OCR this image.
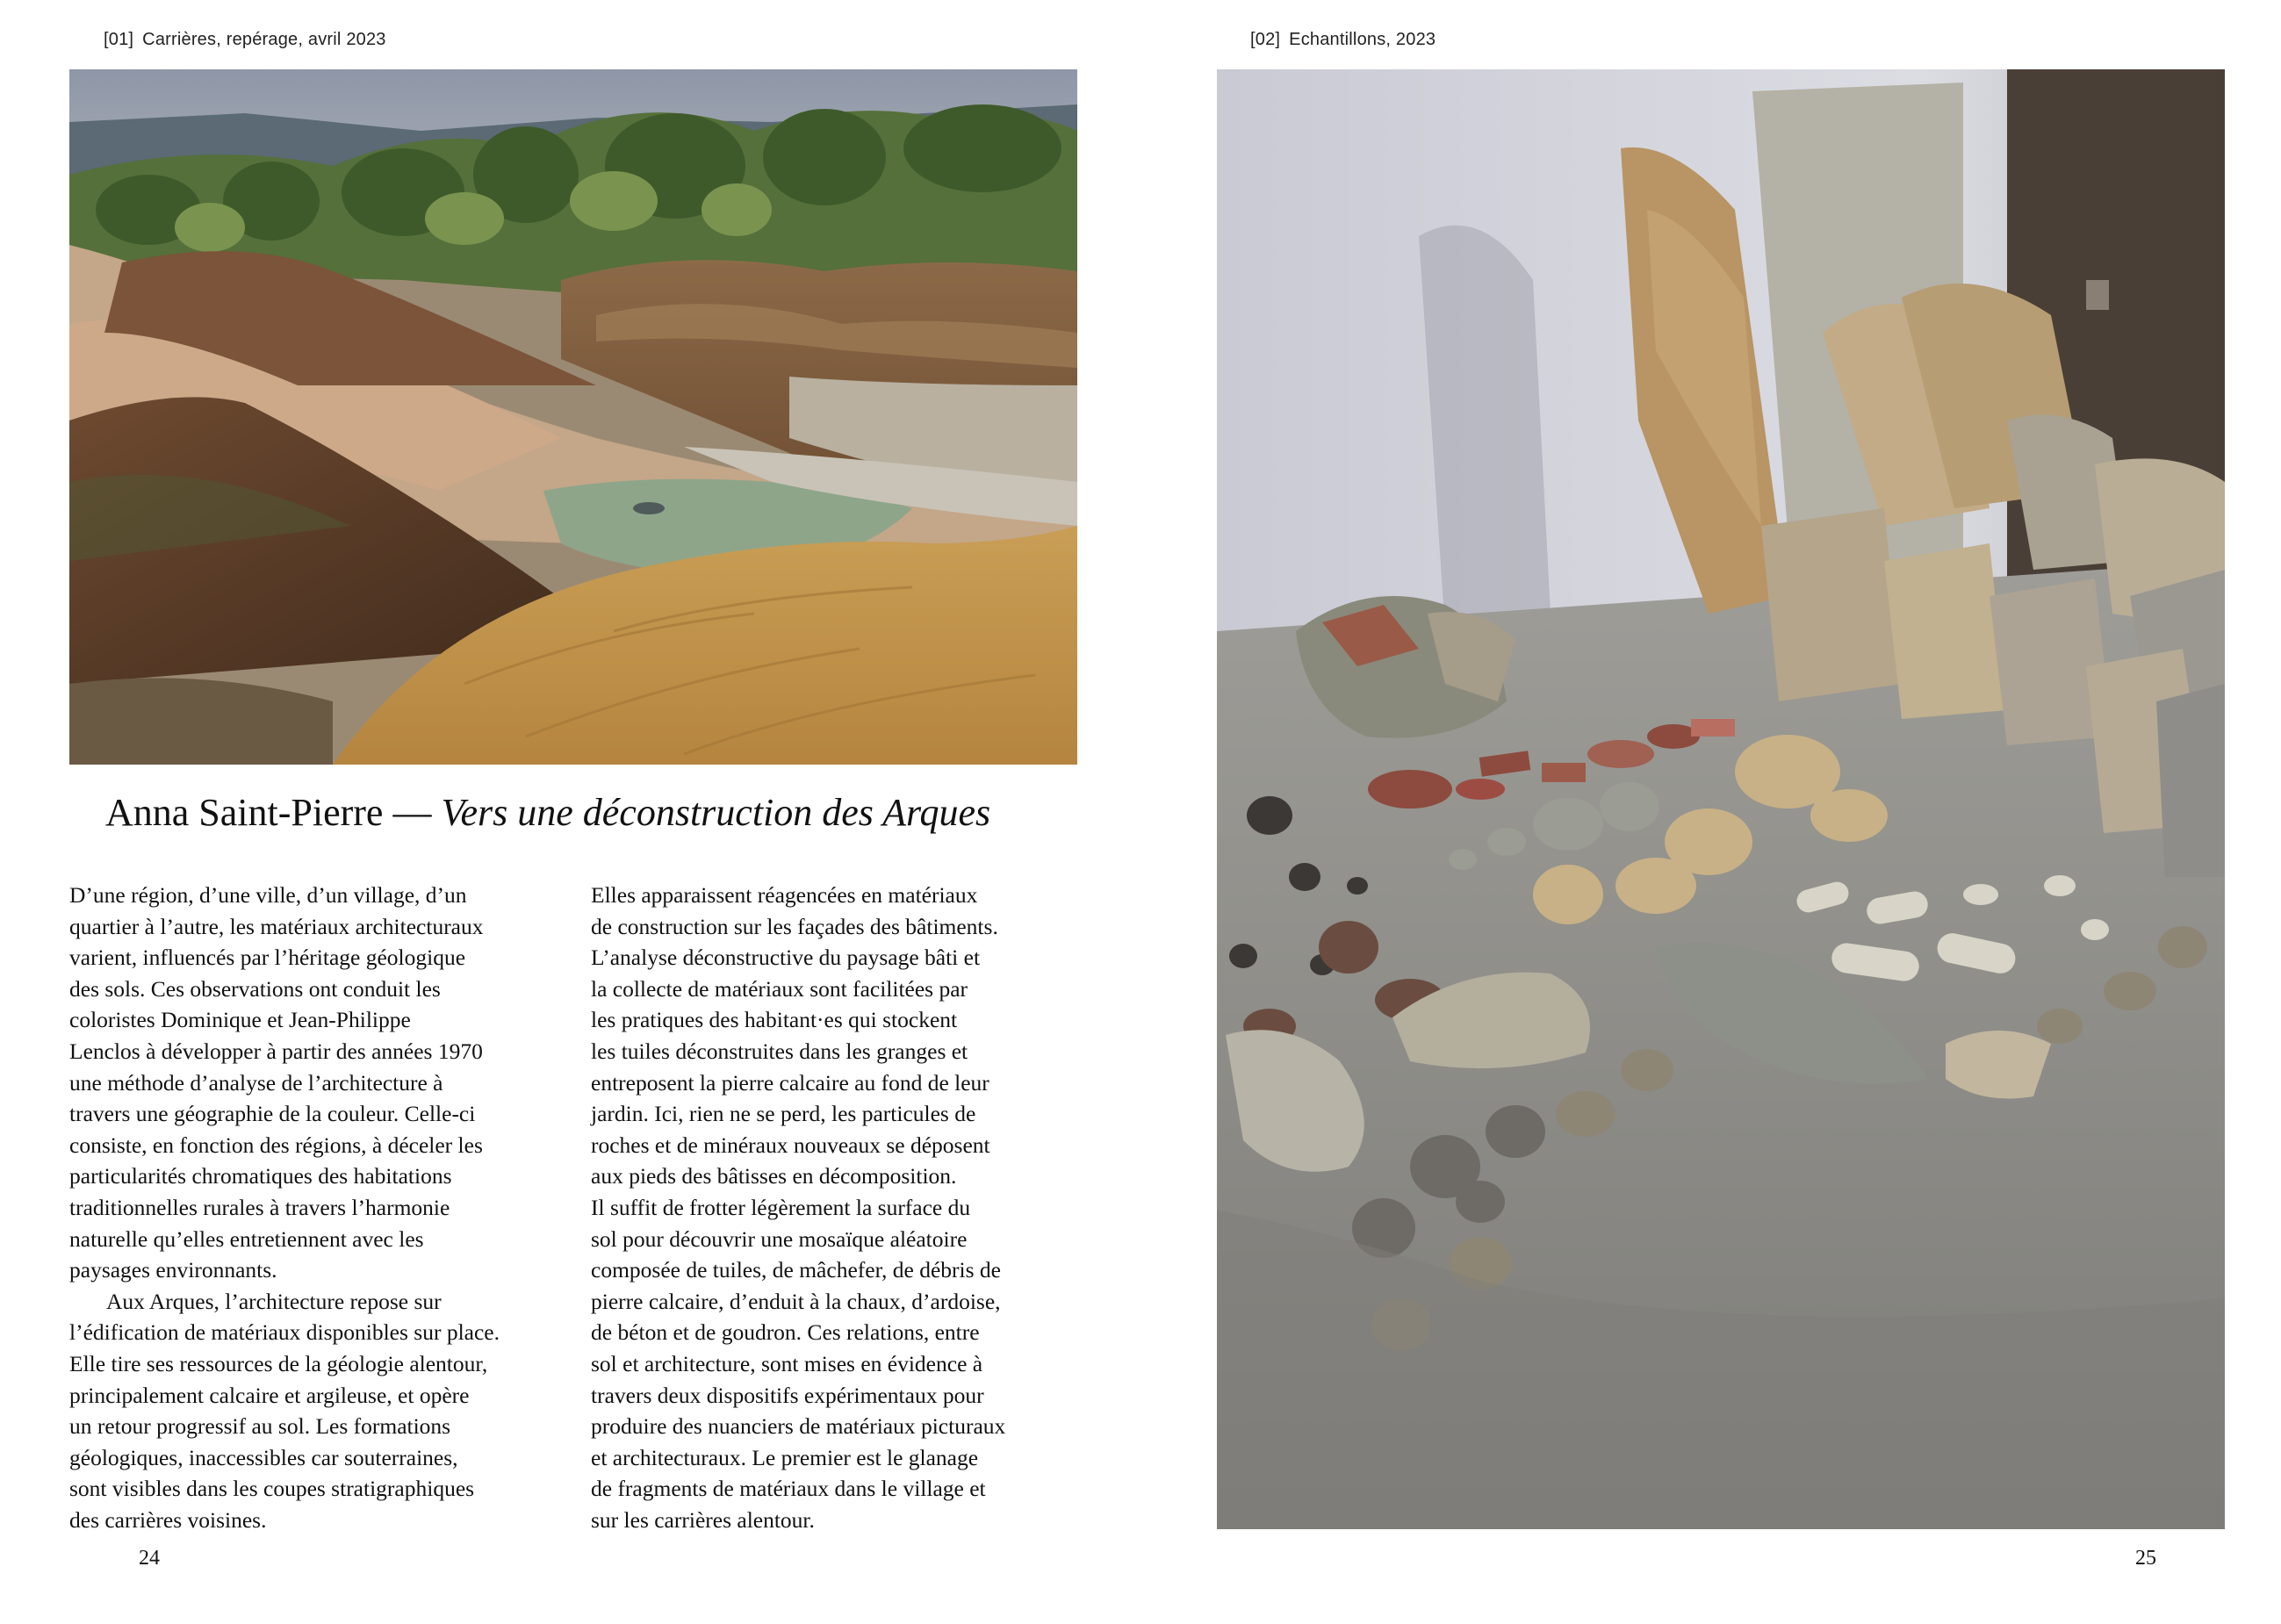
[01] Carrières, repérage, avril 2023	[02] Echantillons, 2023
Anna Saint-Pierre — Vers une déconstruction des Arques
D’une région, d’une ville, d’un village, d’un
quartier à l’autre, les matériaux architecturaux
varient, influencés par l’héritage géologique
des sols. Ces observations ont conduit les
coloristes Dominique et Jean-Philippe
Lenclos à développer à partir des années 1970
une méthode d’analyse de l’architecture à
travers une géographie de la couleur. Celle-ci
consiste, en fonction des régions, à déceler les
particularités chromatiques des habitations
traditionnelles rurales à travers l’harmonie
naturelle qu’elles entretiennent avec les
paysages environnants.
Aux Arques, l’architecture repose sur
l’édification de matériaux disponibles sur place.
Elle tire ses ressources de la géologie alentour,
principalement calcaire et argileuse, et opère
un retour progressif au sol. Les formations
géologiques, inaccessibles car souterraines,
sont visibles dans les coupes stratigraphiques
des carrières voisines.
Elles apparaissent réagencées en matériaux
de construction sur les façades des bâtiments.
L’analyse déconstructive du paysage bâti et
la collecte de matériaux sont facilitées par
les pratiques des habitant·es qui stockent
les tuiles déconstruites dans les granges et
entreposent la pierre calcaire au fond de leur
jardin. Ici, rien ne se perd, les particules de
roches et de minéraux nouveaux se déposent
aux pieds des bâtisses en décomposition.
Il suffit de frotter légèrement la surface du
sol pour découvrir une mosaïque aléatoire
composée de tuiles, de mâchefer, de débris de
pierre calcaire, d’enduit à la chaux, d’ardoise,
de béton et de goudron. Ces relations, entre
sol et architecture, sont mises en évidence à
travers deux dispositifs expérimentaux pour
produire des nuanciers de matériaux picturaux
et architecturaux. Le premier est le glanage
de fragments de matériaux dans le village et
sur les carrières alentour.
24	25
